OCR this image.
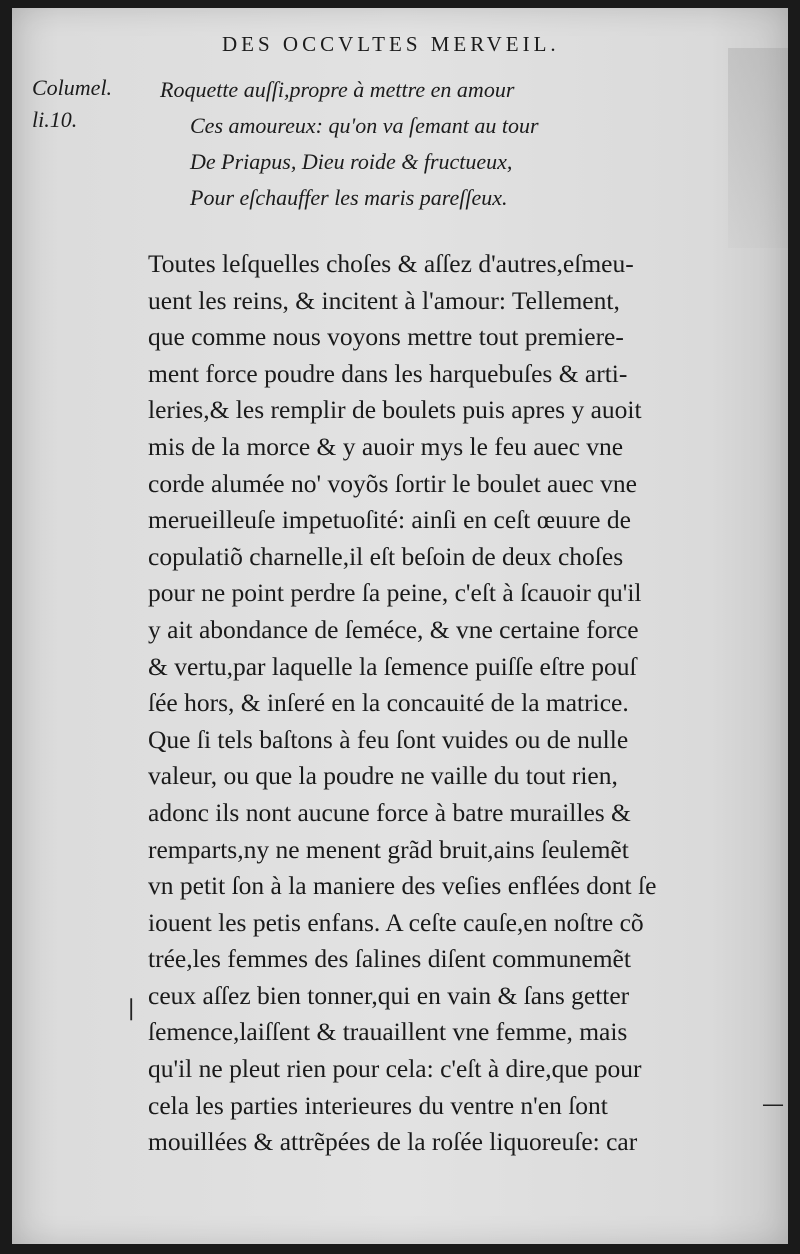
DES OCCVLTES MERVEIL.
Columel.
li.10.
Roquette auſſi,propre à mettre en amour
Ces amoureux: qu'on va ſemant au tour
De Priapus, Dieu roide & fructueux,
Pour eſchauffer les maris pareſſeux.
Toutes leſquelles choſes & aſſez d'autres,eſmeu-
uent les reins, & incitent à l'amour: Tellement,
que comme nous voyons mettre tout premiere-
ment force poudre dans les harquebuſes & arti-
leries,& les remplir de boulets puis apres y auoit
mis de la morce & y auoir mys le feu auec vne
corde alumée no' voyõs ſortir le boulet auec vne
merueilleuſe impetuoſité: ainſi en ceſt œuure de
copulatiõ charnelle,il eſt beſoin de deux choſes
pour ne point perdre ſa peine, c'eſt à ſcauoir qu'il
y ait abondance de ſeméce, & vne certaine force
& vertu,par laquelle la ſemence puiſſe eſtre pouſ
ſée hors, & inſeré en la concauité de la matrice.
Que ſi tels baſtons à feu ſont vuides ou de nulle
valeur, ou que la poudre ne vaille du tout rien,
adonc ils nont aucune force à batre murailles &
remparts,ny ne menent grãd bruit,ains ſeulemẽt
vn petit ſon à la maniere des veſies enflées dont ſe
iouent les petis enfans. A ceſte cauſe,en noſtre cõ
trée,les femmes des ſalines diſent communemẽt
ceux aſſez bien tonner,qui en vain & ſans getter
ſemence,laiſſent & trauaillent vne femme, mais
qu'il ne pleut rien pour cela: c'eſt à dire,que pour
cela les parties interieures du ventre n'en ſont
mouillées & attrẽpées de la roſée liquoreuſe: car
❘
—
